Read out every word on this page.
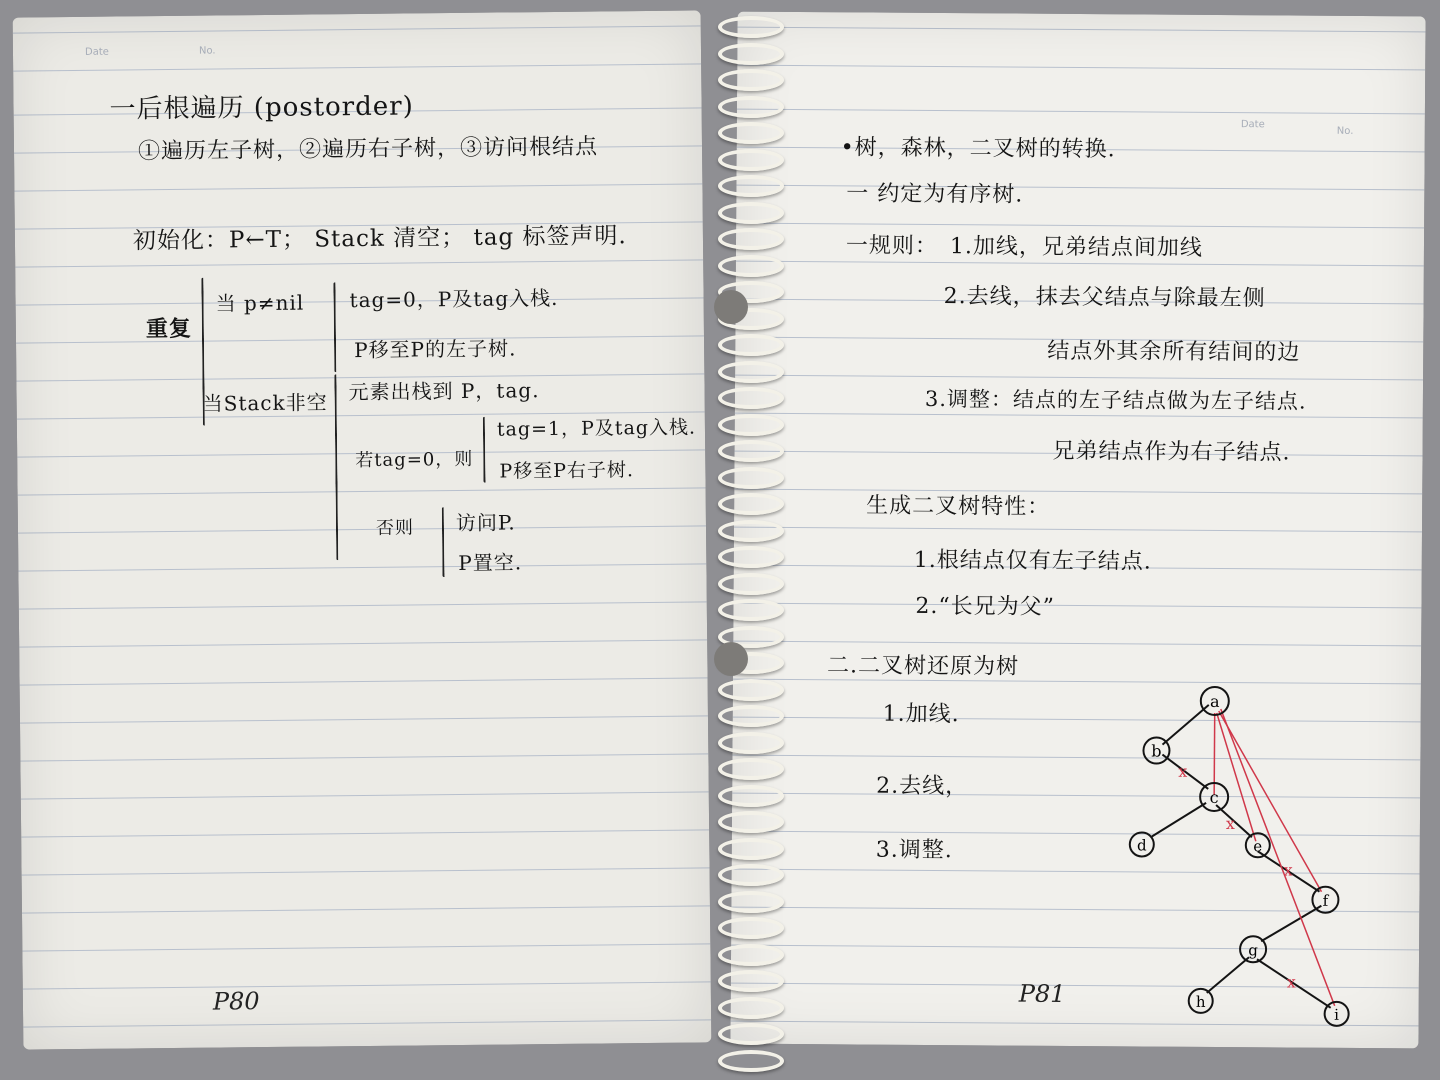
Date	No.
一后根遍历 (postorder)
①遍历左子树，②遍历右子树，③访问根结点
初始化：P←T； Stack 清空； tag 标签声明.
重复
当 p≠nil tag=0，P及tag入栈.
P移至P的左子树.
当Stack非空 元素出栈到 P，tag.
若tag=0，则
tag=1，P及tag入栈.
P移至P右子树.
否则 访问P.
P置空.
P80
Date
No.
•树，森林，二叉树的转换.
一 约定为有序树.
一规则： 1.加线，兄弟结点间加线
2.去线，抹去父结点与除最左侧
结点外其余所有结间的边
3.调整：结点的左子结点做为左子结点.
兄弟结点作为右子结点.
生成二叉树特性：
1.根结点仅有左子结点.
2.“长兄为父”
二.二叉树还原为树
1.加线.
2.去线，
3.调整.
x
x
x
x
a
b
c
d	e
f
g
h
i
P81
